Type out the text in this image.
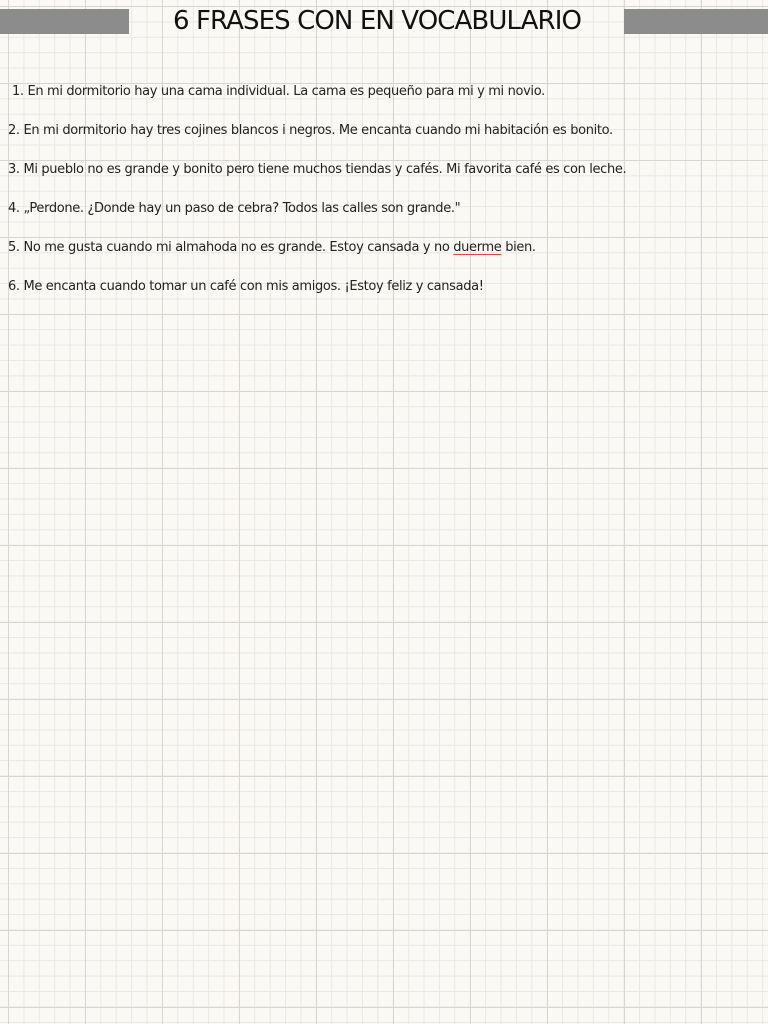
6 FRASES CON EN VOCABULARIO
1. En mi dormitorio hay una cama individual. La cama es pequeño para mi y mi novio.
2. En mi dormitorio hay tres cojines blancos i negros. Me encanta cuando mi habitación es bonito.
3. Mi pueblo no es grande y bonito pero tiene muchos tiendas y cafés. Mi favorita café es con leche.
4. „Perdone. ¿Donde hay un paso de cebra? Todos las calles son grande."
5. No me gusta cuando mi almahoda no es grande. Estoy cansada y no duerme bien.
6. Me encanta cuando tomar un café con mis amigos. ¡Estoy feliz y cansada!
